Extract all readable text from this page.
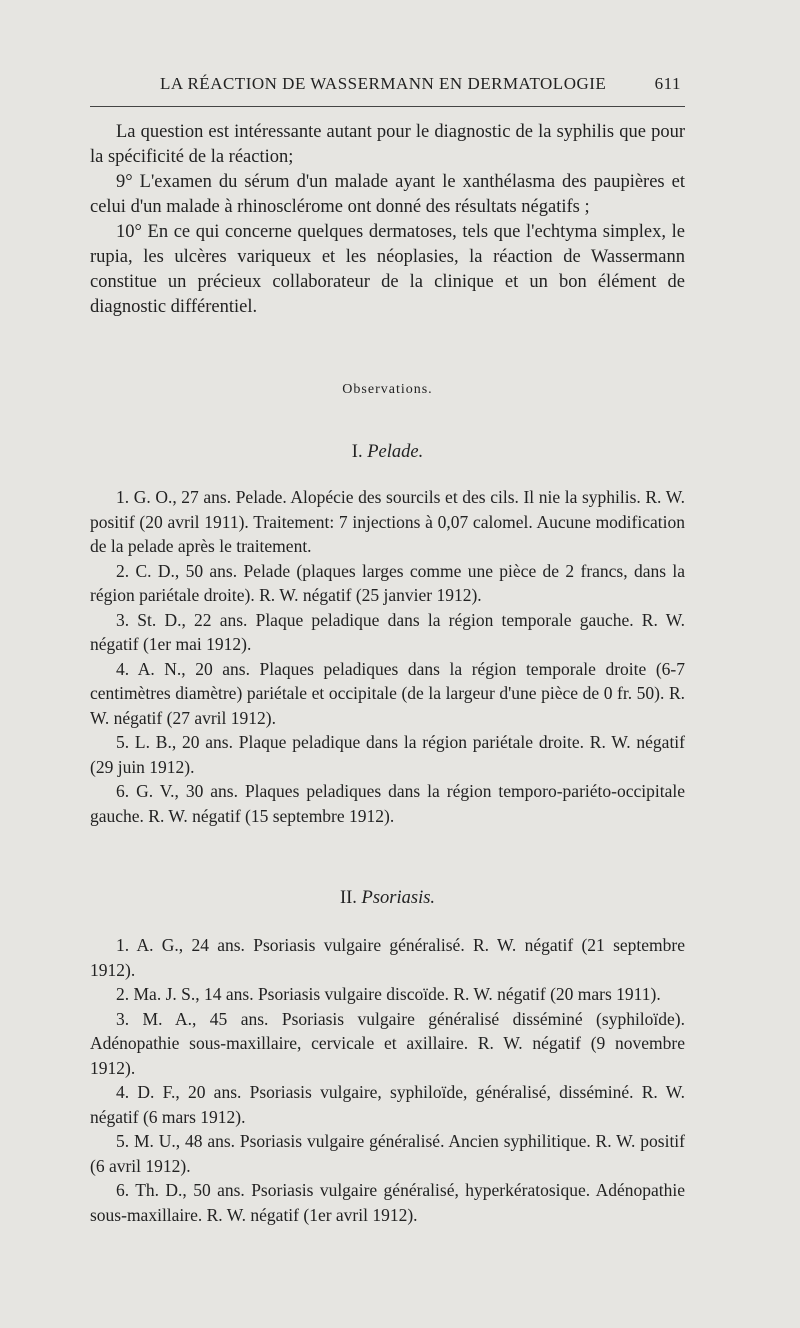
LA RÉACTION DE WASSERMANN EN DERMATOLOGIE	611

La question est intéressante autant pour le diagnostic de la syphilis que pour la spécificité de la réaction;

9° L'examen du sérum d'un malade ayant le xanthélasma des paupières et celui d'un malade à rhinosclérome ont donné des résultats négatifs ;

10° En ce qui concerne quelques dermatoses, tels que l'echtyma simplex, le rupia, les ulcères variqueux et les néoplasies, la réaction de Wassermann constitue un précieux collaborateur de la clinique et un bon élément de diagnostic différentiel.

Observations.

I. Pelade.

1. G. O., 27 ans. Pelade. Alopécie des sourcils et des cils. Il nie la syphilis. R. W. positif (20 avril 1911). Traitement: 7 injections à 0,07 calomel. Aucune modification de la pelade après le traitement.

2. C. D., 50 ans. Pelade (plaques larges comme une pièce de 2 francs, dans la région pariétale droite). R. W. négatif (25 janvier 1912).

3. St. D., 22 ans. Plaque peladique dans la région temporale gauche. R. W. négatif (1er mai 1912).

4. A. N., 20 ans. Plaques peladiques dans la région temporale droite (6-7 centimètres diamètre) pariétale et occipitale (de la largeur d'une pièce de 0 fr. 50). R. W. négatif (27 avril 1912).

5. L. B., 20 ans. Plaque peladique dans la région pariétale droite. R. W. négatif (29 juin 1912).

6. G. V., 30 ans. Plaques peladiques dans la région temporo-pariéto-occipitale gauche. R. W. négatif (15 septembre 1912).

II. Psoriasis.

1. A. G., 24 ans. Psoriasis vulgaire généralisé. R. W. négatif (21 septembre 1912).

2. Ma. J. S., 14 ans. Psoriasis vulgaire discoïde. R. W. négatif (20 mars 1911).

3. M. A., 45 ans. Psoriasis vulgaire généralisé disséminé (syphiloïde). Adénopathie sous-maxillaire, cervicale et axillaire. R. W. négatif (9 novembre 1912).

4. D. F., 20 ans. Psoriasis vulgaire, syphiloïde, généralisé, disséminé. R. W. négatif (6 mars 1912).

5. M. U., 48 ans. Psoriasis vulgaire généralisé. Ancien syphilitique. R. W. positif (6 avril 1912).

6. Th. D., 50 ans. Psoriasis vulgaire généralisé, hyperkératosique. Adénopathie sous-maxillaire. R. W. négatif (1er avril 1912).
